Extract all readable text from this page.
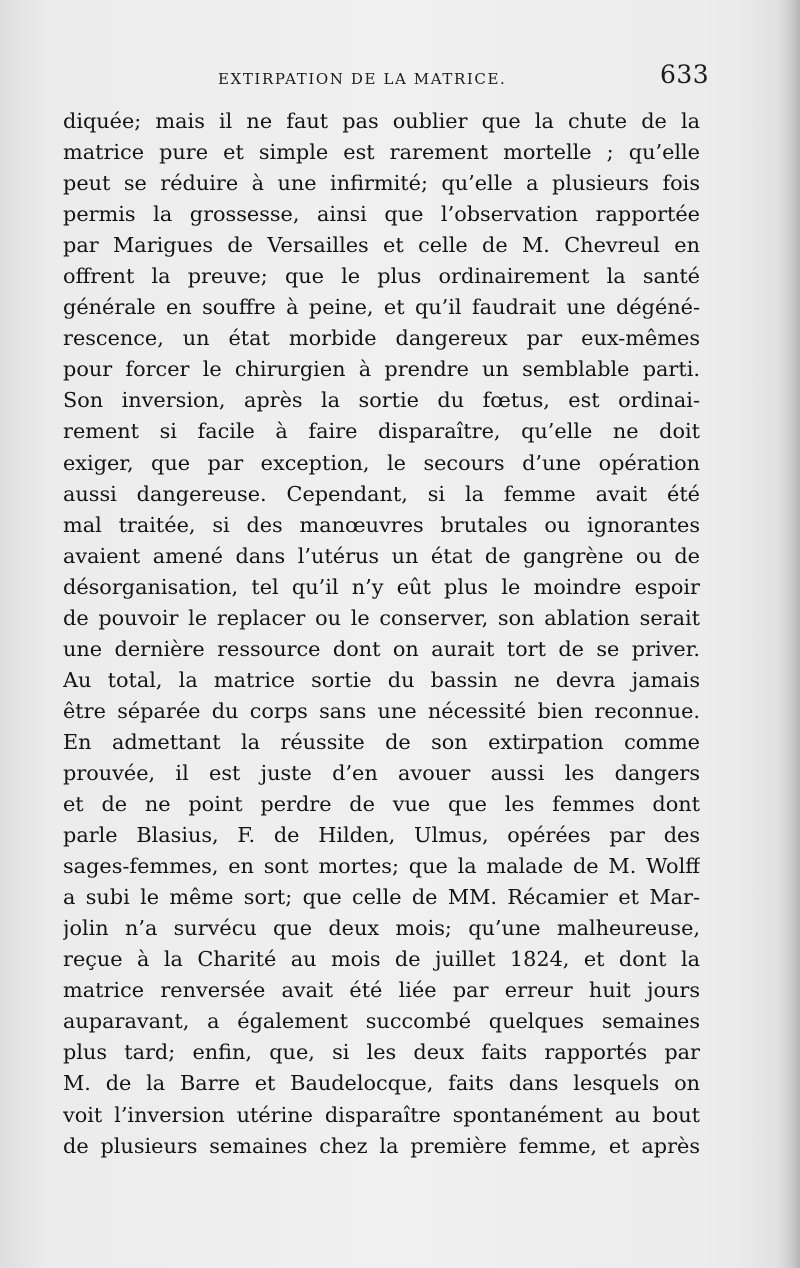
EXTIRPATION DE LA MATRICE.	633
diquée; mais il ne faut pas oublier que la chute de la
matrice pure et simple est rarement mortelle ; qu’elle
peut se réduire à une infirmité; qu’elle a plusieurs fois
permis la grossesse, ainsi que l’observation rapportée
par Marigues de Versailles et celle de M. Chevreul en
offrent la preuve; que le plus ordinairement la santé
générale en souffre à peine, et qu’il faudrait une dégéné-
rescence, un état morbide dangereux par eux-mêmes
pour forcer le chirurgien à prendre un semblable parti.
Son inversion, après la sortie du fœtus, est ordinai-
rement si facile à faire disparaître, qu’elle ne doit
exiger, que par exception, le secours d’une opération
aussi dangereuse. Cependant, si la femme avait été
mal traitée, si des manœuvres brutales ou ignorantes
avaient amené dans l’utérus un état de gangrène ou de
désorganisation, tel qu’il n’y eût plus le moindre espoir
de pouvoir le replacer ou le conserver, son ablation serait
une dernière ressource dont on aurait tort de se priver.
Au total, la matrice sortie du bassin ne devra jamais
être séparée du corps sans une nécessité bien reconnue.
En admettant la réussite de son extirpation comme
prouvée, il est juste d’en avouer aussi les dangers
et de ne point perdre de vue que les femmes dont
parle Blasius, F. de Hilden, Ulmus, opérées par des
sages-femmes, en sont mortes; que la malade de M. Wolff
a subi le même sort; que celle de MM. Récamier et Mar-
jolin n’a survécu que deux mois; qu’une malheureuse,
reçue à la Charité au mois de juillet 1824, et dont la
matrice renversée avait été liée par erreur huit jours
auparavant, a également succombé quelques semaines
plus tard; enfin, que, si les deux faits rapportés par
M. de la Barre et Baudelocque, faits dans lesquels on
voit l’inversion utérine disparaître spontanément au bout
de plusieurs semaines chez la première femme, et après
